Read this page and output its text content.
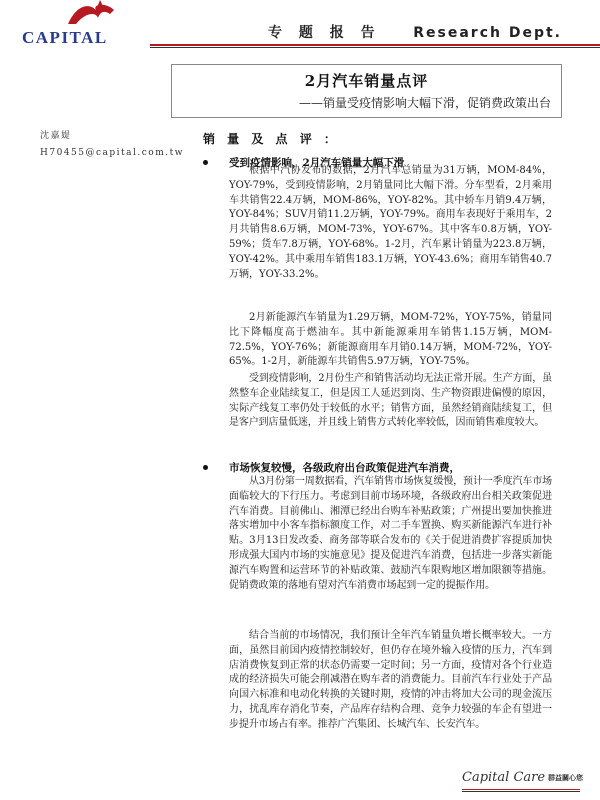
CAPITAL	专 题 报 告 Research Dept.
2月汽车销量点评
——销量受疫情影响大幅下滑，促销费政策出台
沈嘉媞
H70455@capital.com.tw
销 量 及 点 评 ：
受到疫情影响，2月汽车销量大幅下滑

根据中汽协发布的数据，2月汽车总销量为31万辆，MOM-84%，YOY-79%，受到疫情影响，2月销量同比大幅下滑。分车型看，2月乘用车共销售22.4万辆，MOM-86%，YOY-82%。其中轿车月销9.4万辆，YOY-84%；SUV月销11.2万辆，YOY-79%。商用车表现好于乘用车，2月共销售8.6万辆，MOM-73%，YOY-67%。其中客车0.8万辆，YOY-59%；货车7.8万辆，YOY-68%。1-2月，汽车累计销量为223.8万辆，YOY-42%。其中乘用车销售183.1万辆，YOY-43.6%；商用车销售40.7万辆，YOY-33.2%。

2月新能源汽车销量为1.29万辆，MOM-72%，YOY-75%，销量同比下降幅度高于燃油车。其中新能源乘用车销售1.15万辆，MOM-72.5%，YOY-76%；新能源商用车月销0.14万辆，MOM-72%，YOY-65%。1-2月，新能源车共销售5.97万辆，YOY-75%。

受到疫情影响，2月份生产和销售活动均无法正常开展。生产方面，虽然整车企业陆续复工，但是因工人延迟到岗、生产物资跟进偏慢的原因，实际产线复工率仍处于较低的水平；销售方面，虽然经销商陆续复工，但是客户到店量低迷，并且线上销售方式转化率较低，因而销售难度较大。

市场恢复较慢，各级政府出台政策促进汽车消费，

从3月份第一周数据看，汽车销售市场恢复缓慢，预计一季度汽车市场面临较大的下行压力。考虑到目前市场环境，各级政府出台相关政策促进汽车消费。目前佛山、湘潭已经出台购车补贴政策；广州提出要加快推进落实增加中小客车指标额度工作，对二手车置换、购买新能源汽车进行补贴。3月13日发改委、商务部等联合发布的《关于促进消费扩容提质加快形成强大国内市场的实施意见》提及促进汽车消费，包括进一步落实新能源汽车购置和运营环节的补贴政策、鼓励汽车限购地区增加限额等措施。促销费政策的落地有望对汽车消费市场起到一定的提振作用。

结合当前的市场情况，我们预计全年汽车销量负增长概率较大。一方面，虽然目前国内疫情控制较好，但仍存在境外输入疫情的压力，汽车到店消费恢复到正常的状态仍需要一定时间；另一方面，疫情对各个行业造成的经济损失可能会削减潜在购车者的消费能力。目前汽车行业处于产品向国六标准和电动化转换的关键时期，疫情的冲击将加大公司的现金流压力，扰乱库存消化节奏，产品库存结构合理、竞争力较强的车企有望进一步提升市场占有率。推荐广汽集团、长城汽车、长安汽车。

Capital Care 群益關心您
